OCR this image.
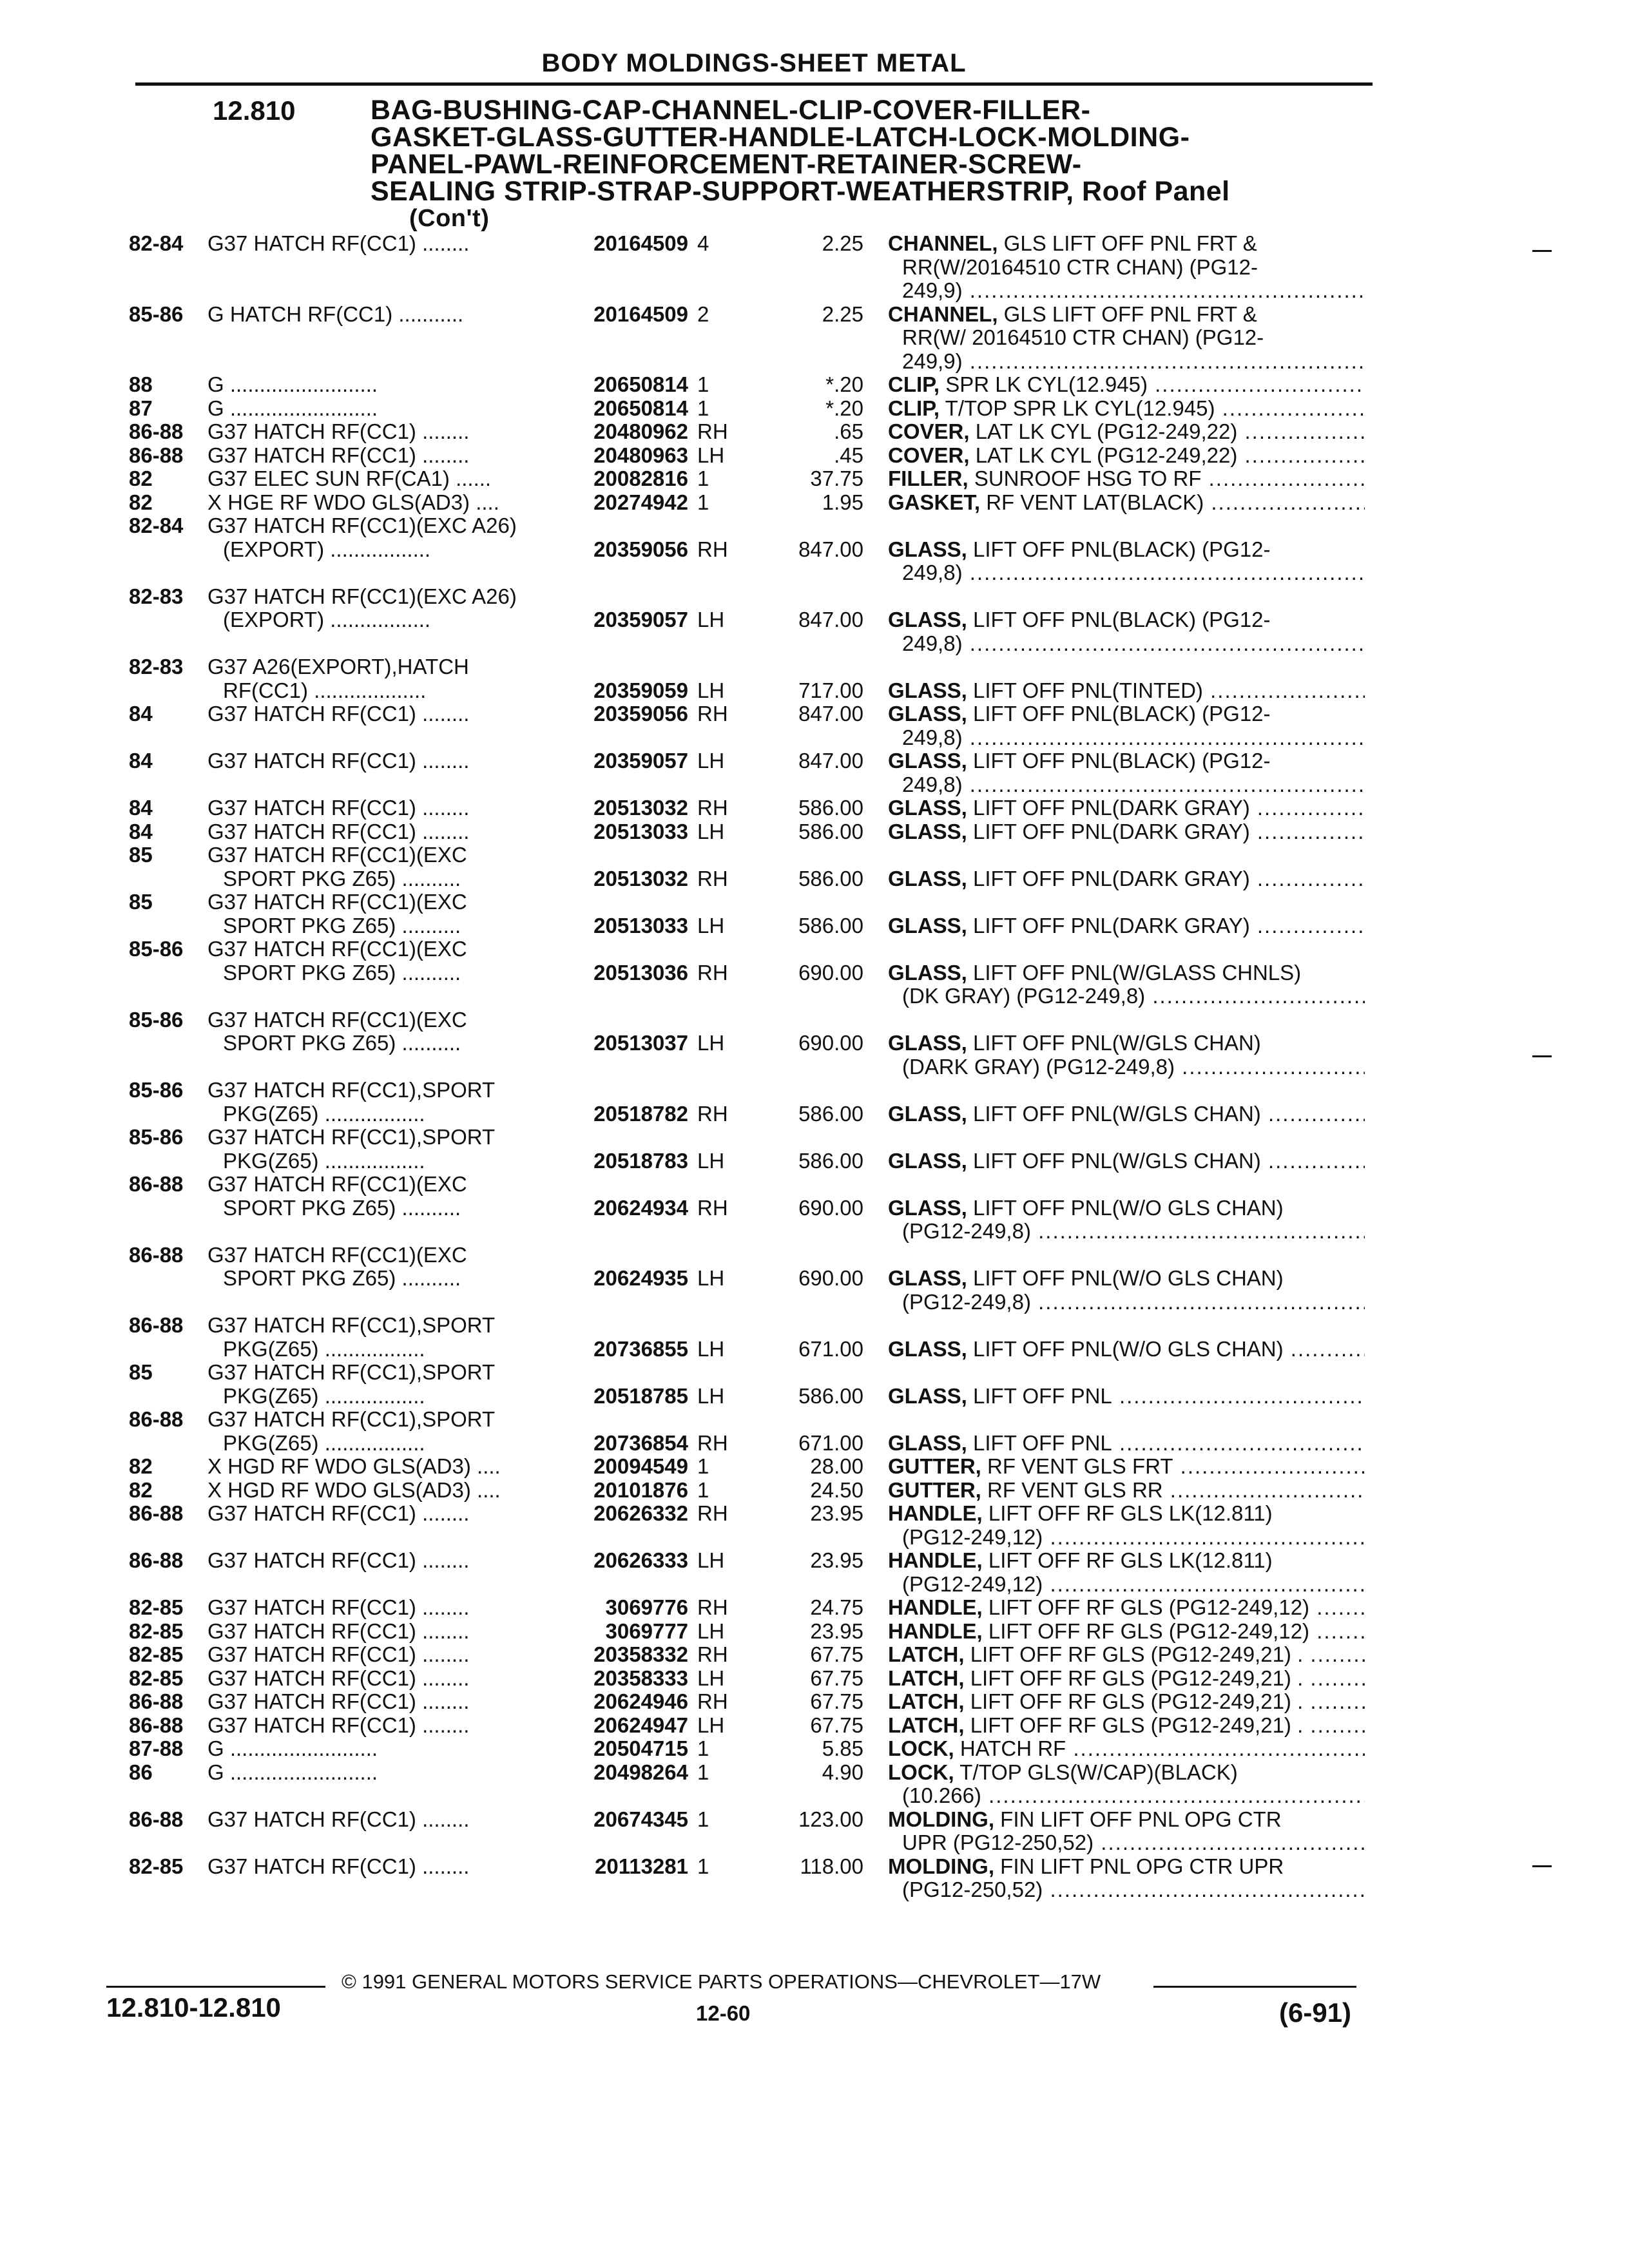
BODY MOLDINGS-SHEET METAL
12.810	BAG-BUSHING-CAP-CHANNEL-CLIP-COVER-FILLER-
GASKET-GLASS-GUTTER-HANDLE-LATCH-LOCK-MOLDING-
PANEL-PAWL-REINFORCEMENT-RETAINER-SCREW-
SEALING STRIP-STRAP-SUPPORT-WEATHERSTRIP, Roof Panel
(Con't)
82-84	G37 HATCH RF(CC1) ........	20164509 4	2.25 CHANNEL, GLS LIFT OFF PNL FRT &
RR(W/20164510 CTR CHAN) (PG12-
249,9) .....
85-86	G HATCH RF(CC1) ...........	20164509 2	2.25 CHANNEL, GLS LIFT OFF PNL FRT &
RR(W/ 20164510 CTR CHAN) (PG12-
249,9) .....
88	G .........................	20650814 1	*.20 CLIP, SPR LK CYL(12.945) .....
87	G .........................	20650814 1	*.20 CLIP, T/TOP SPR LK CYL(12.945) .....
86-88	G37 HATCH RF(CC1) ........	20480962 RH	.65 COVER, LAT LK CYL (PG12-249,22) .....
86-88	G37 HATCH RF(CC1) ........	20480963 LH	.45 COVER, LAT LK CYL (PG12-249,22) .....
82	G37 ELEC SUN RF(CA1) ......	20082816 1	37.75 FILLER, SUNROOF HSG TO RF .....
82	X HGE RF WDO GLS(AD3) ....	20274942 1	1.95 GASKET, RF VENT LAT(BLACK) .....
82-84	G37 HATCH RF(CC1)(EXC A26)
(EXPORT) .................	20359056 RH	847.00 GLASS, LIFT OFF PNL(BLACK) (PG12-
249,8) .....
82-83	G37 HATCH RF(CC1)(EXC A26)
(EXPORT) .................	20359057 LH	847.00 GLASS, LIFT OFF PNL(BLACK) (PG12-
249,8) .....
82-83	G37 A26(EXPORT),HATCH
RF(CC1) ...................	20359059 LH	717.00 GLASS, LIFT OFF PNL(TINTED) .....
84	G37 HATCH RF(CC1) ........	20359056 RH	847.00 GLASS, LIFT OFF PNL(BLACK) (PG12-
249,8) .....
84	G37 HATCH RF(CC1) ........	20359057 LH	847.00 GLASS, LIFT OFF PNL(BLACK) (PG12-
249,8) .....
84	G37 HATCH RF(CC1) ........	20513032 RH	586.00 GLASS, LIFT OFF PNL(DARK GRAY) .....
84	G37 HATCH RF(CC1) ........	20513033 LH	586.00 GLASS, LIFT OFF PNL(DARK GRAY) .....
85	G37 HATCH RF(CC1)(EXC
SPORT PKG Z65) ..........	20513032 RH	586.00 GLASS, LIFT OFF PNL(DARK GRAY) .....
85	G37 HATCH RF(CC1)(EXC
SPORT PKG Z65) ..........	20513033 LH	586.00 GLASS, LIFT OFF PNL(DARK GRAY) .....
85-86	G37 HATCH RF(CC1)(EXC
SPORT PKG Z65) ..........	20513036 RH	690.00 GLASS, LIFT OFF PNL(W/GLASS CHNLS)
(DK GRAY) (PG12-249,8) .....
85-86	G37 HATCH RF(CC1)(EXC
SPORT PKG Z65) ..........	20513037 LH	690.00 GLASS, LIFT OFF PNL(W/GLS CHAN)
(DARK GRAY) (PG12-249,8) .....
85-86	G37 HATCH RF(CC1),SPORT
PKG(Z65) .................	20518782 RH	586.00 GLASS, LIFT OFF PNL(W/GLS CHAN) .....
85-86	G37 HATCH RF(CC1),SPORT
PKG(Z65) .................	20518783 LH	586.00 GLASS, LIFT OFF PNL(W/GLS CHAN) .....
86-88	G37 HATCH RF(CC1)(EXC
SPORT PKG Z65) ..........	20624934 RH	690.00 GLASS, LIFT OFF PNL(W/O GLS CHAN)
(PG12-249,8) .....
86-88	G37 HATCH RF(CC1)(EXC
SPORT PKG Z65) ..........	20624935 LH	690.00 GLASS, LIFT OFF PNL(W/O GLS CHAN)
(PG12-249,8) .....
86-88	G37 HATCH RF(CC1),SPORT
PKG(Z65) .................	20736855 LH	671.00 GLASS, LIFT OFF PNL(W/O GLS CHAN) .....
85	G37 HATCH RF(CC1),SPORT
PKG(Z65) .................	20518785 LH	586.00 GLASS, LIFT OFF PNL .....
86-88	G37 HATCH RF(CC1),SPORT
PKG(Z65) .................	20736854 RH	671.00 GLASS, LIFT OFF PNL .....
82	X HGD RF WDO GLS(AD3) ....	20094549 1	28.00 GUTTER, RF VENT GLS FRT .....
82	X HGD RF WDO GLS(AD3) ....	20101876 1	24.50 GUTTER, RF VENT GLS RR .....
86-88	G37 HATCH RF(CC1) ........	20626332 RH	23.95 HANDLE, LIFT OFF RF GLS LK(12.811)
(PG12-249,12) .....
86-88	G37 HATCH RF(CC1) ........	20626333 LH	23.95 HANDLE, LIFT OFF RF GLS LK(12.811)
(PG12-249,12) .....
82-85	G37 HATCH RF(CC1) ........	3069776 RH	24.75 HANDLE, LIFT OFF RF GLS (PG12-249,12) .....
82-85	G37 HATCH RF(CC1) ........	3069777 LH	23.95 HANDLE, LIFT OFF RF GLS (PG12-249,12) .....
82-85	G37 HATCH RF(CC1) ........	20358332 RH	67.75 LATCH, LIFT OFF RF GLS (PG12-249,21) . .....
82-85	G37 HATCH RF(CC1) ........	20358333 LH	67.75 LATCH, LIFT OFF RF GLS (PG12-249,21) . .....
86-88	G37 HATCH RF(CC1) ........	20624946 RH	67.75 LATCH, LIFT OFF RF GLS (PG12-249,21) . .....
86-88	G37 HATCH RF(CC1) ........	20624947 LH	67.75 LATCH, LIFT OFF RF GLS (PG12-249,21) . .....
87-88	G .........................	20504715 1	5.85 LOCK, HATCH RF .....
86	G .........................	20498264 1	4.90 LOCK, T/TOP GLS(W/CAP)(BLACK)
(10.266) .....
86-88	G37 HATCH RF(CC1) ........	20674345 1	123.00 MOLDING, FIN LIFT OFF PNL OPG CTR
UPR (PG12-250,52) .....
82-85	G37 HATCH RF(CC1) ........	20113281 1	118.00 MOLDING, FIN LIFT PNL OPG CTR UPR
(PG12-250,52) .....
© 1991 GENERAL MOTORS SERVICE PARTS OPERATIONS—CHEVROLET—17W
12.810-12.810	12-60	(6-91)
